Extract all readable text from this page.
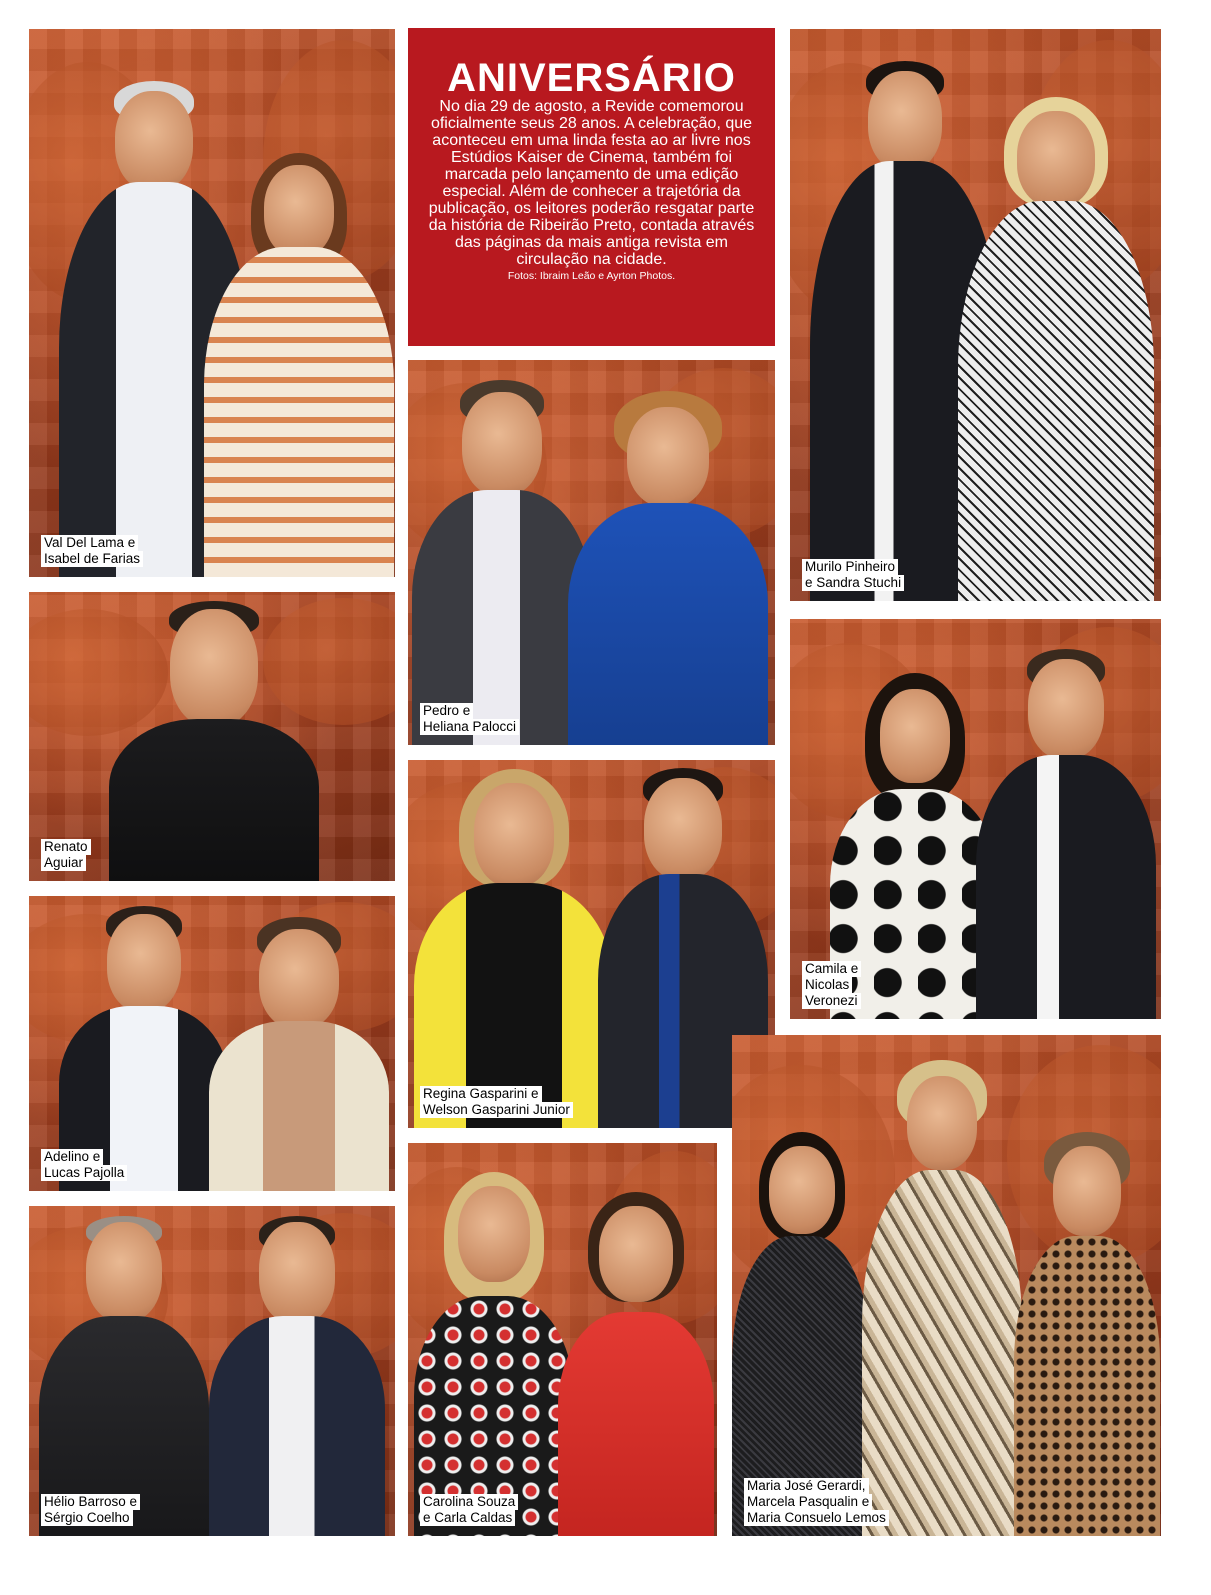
ANIVERSÁRIO

No dia 29 de agosto, a Revide comemorou oficialmente seus 28 anos. A celebração, que aconteceu em uma linda festa ao ar livre nos Estúdios Kaiser de Cinema, também foi marcada pelo lançamento de uma edição especial. Além de conhecer a trajetória da publicação, os leitores poderão resgatar parte da história de Ribeirão Preto, contada através das páginas da mais antiga revista em circulação na cidade.

Fotos: Ibraim Leão e Ayrton Photos.

Val Del Lama e
Isabel de Farias
Murilo Pinheiro
e Sandra Stuchi
Pedro e
Heliana Palocci
Renato
Aguiar
Camila e
Nicolas
Veronezi
Regina Gasparini e
Welson Gasparini Junior
Adelino e
Lucas Pajolla
Hélio Barroso e
Sérgio Coelho
Carolina Souza
e Carla Caldas
Maria José Gerardi,
Marcela Pasqualin e
Maria Consuelo Lemos
